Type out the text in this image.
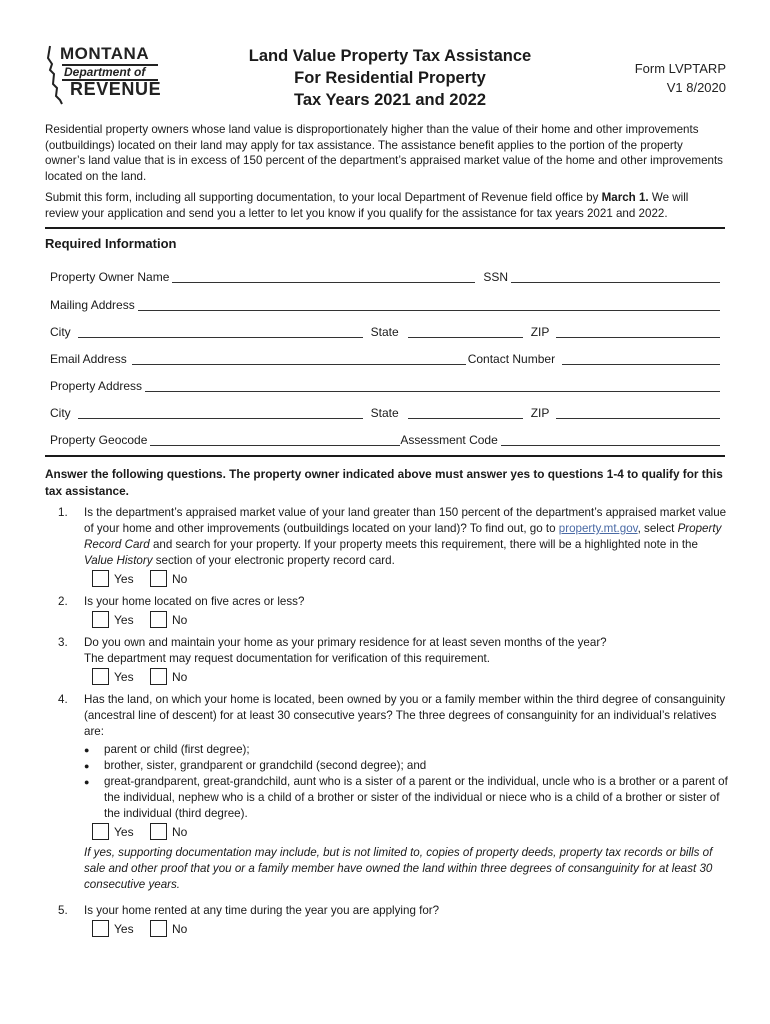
MONTANA
Department of
REVENUE
Land Value Property Tax Assistance
For Residential Property
Tax Years 2021 and 2022
Form LVPTARP
V1 8/2020

Residential property owners whose land value is disproportionately higher than the value of their home and other improvements (outbuildings) located on their land may apply for tax assistance. The assistance benefit applies to the portion of the property owner’s land value that is in excess of 150 percent of the department’s appraised market value of the home and other improvements located on the land.

Submit this form, including all supporting documentation, to your local Department of Revenue field office by March 1. We will review your application and send you a letter to let you know if you qualify for the assistance for tax years 2021 and 2022.

Required Information
Property Owner Name	SSN
Mailing Address
City	State	ZIP
Email Address	Contact Number
Property Address
City	State	ZIP
Property Geocode	Assessment Code
Answer the following questions. The property owner indicated above must answer yes to questions 1-4 to qualify for this tax assistance.
1. Is the department’s appraised market value of your land greater than 150 percent of the department’s appraised market value of your home and other improvements (outbuildings located on your land)? To find out, go to property.mt.gov, select Property Record Card and search for your property. If your property meets this requirement, there will be a highlighted note in the Value History section of your electronic property record card.
Yes	No
2. Is your home located on five acres or less?
Yes	No
3. Do you own and maintain your home as your primary residence for at least seven months of the year?
The department may request documentation for verification of this requirement.
Yes	No
4. Has the land, on which your home is located, been owned by you or a family member within the third degree of consanguinity (ancestral line of descent) for at least 30 consecutive years? The three degrees of consanguinity for an individual’s relatives are:
● parent or child (first degree);
● brother, sister, grandparent or grandchild (second degree); and
● great-grandparent, great-grandchild, aunt who is a sister of a parent or the individual, uncle who is a brother or a parent of the individual, nephew who is a child of a brother or sister of the individual or niece who is a child of a brother or sister of the individual (third degree).
Yes	No
If yes, supporting documentation may include, but is not limited to, copies of property deeds, property tax records or bills of sale and other proof that you or a family member have owned the land within three degrees of consanguinity for at least 30 consecutive years.
5. Is your home rented at any time during the year you are applying for?
Yes	No
